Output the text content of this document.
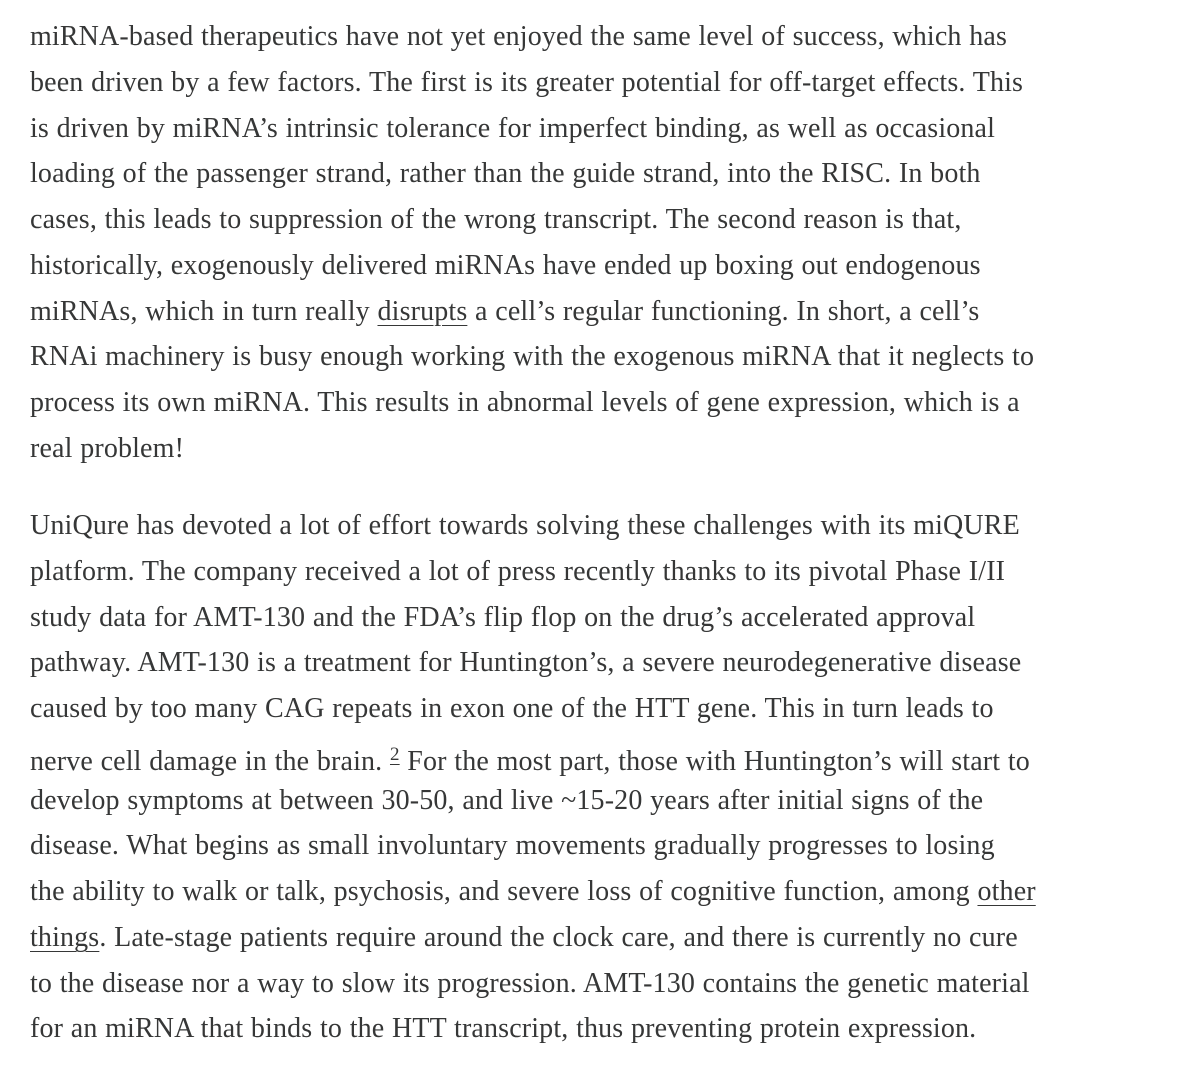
miRNA-based therapeutics have not yet enjoyed the same level of success, which has
been driven by a few factors. The first is its greater potential for off-target effects. This
is driven by miRNA’s intrinsic tolerance for imperfect binding, as well as occasional
loading of the passenger strand, rather than the guide strand, into the RISC. In both
cases, this leads to suppression of the wrong transcript. The second reason is that,
historically, exogenously delivered miRNAs have ended up boxing out endogenous
miRNAs, which in turn really disrupts a cell’s regular functioning. In short, a cell’s
RNAi machinery is busy enough working with the exogenous miRNA that it neglects to
process its own miRNA. This results in abnormal levels of gene expression, which is a
real problem!
UniQure has devoted a lot of effort towards solving these challenges with its miQURE
platform. The company received a lot of press recently thanks to its pivotal Phase I/II
study data for AMT-130 and the FDA’s flip flop on the drug’s accelerated approval
pathway. AMT-130 is a treatment for Huntington’s, a severe neurodegenerative disease
caused by too many CAG repeats in exon one of the HTT gene. This in turn leads to
nerve cell damage in the brain. $^2$ For the most part, those with Huntington’s will start to
develop symptoms at between 30-50, and live ~15-20 years after initial signs of the
disease. What begins as small involuntary movements gradually progresses to losing
the ability to walk or talk, psychosis, and severe loss of cognitive function, among other
things. Late-stage patients require around the clock care, and there is currently no cure
to the disease nor a way to slow its progression. AMT-130 contains the genetic material
for an miRNA that binds to the HTT transcript, thus preventing protein expression.
